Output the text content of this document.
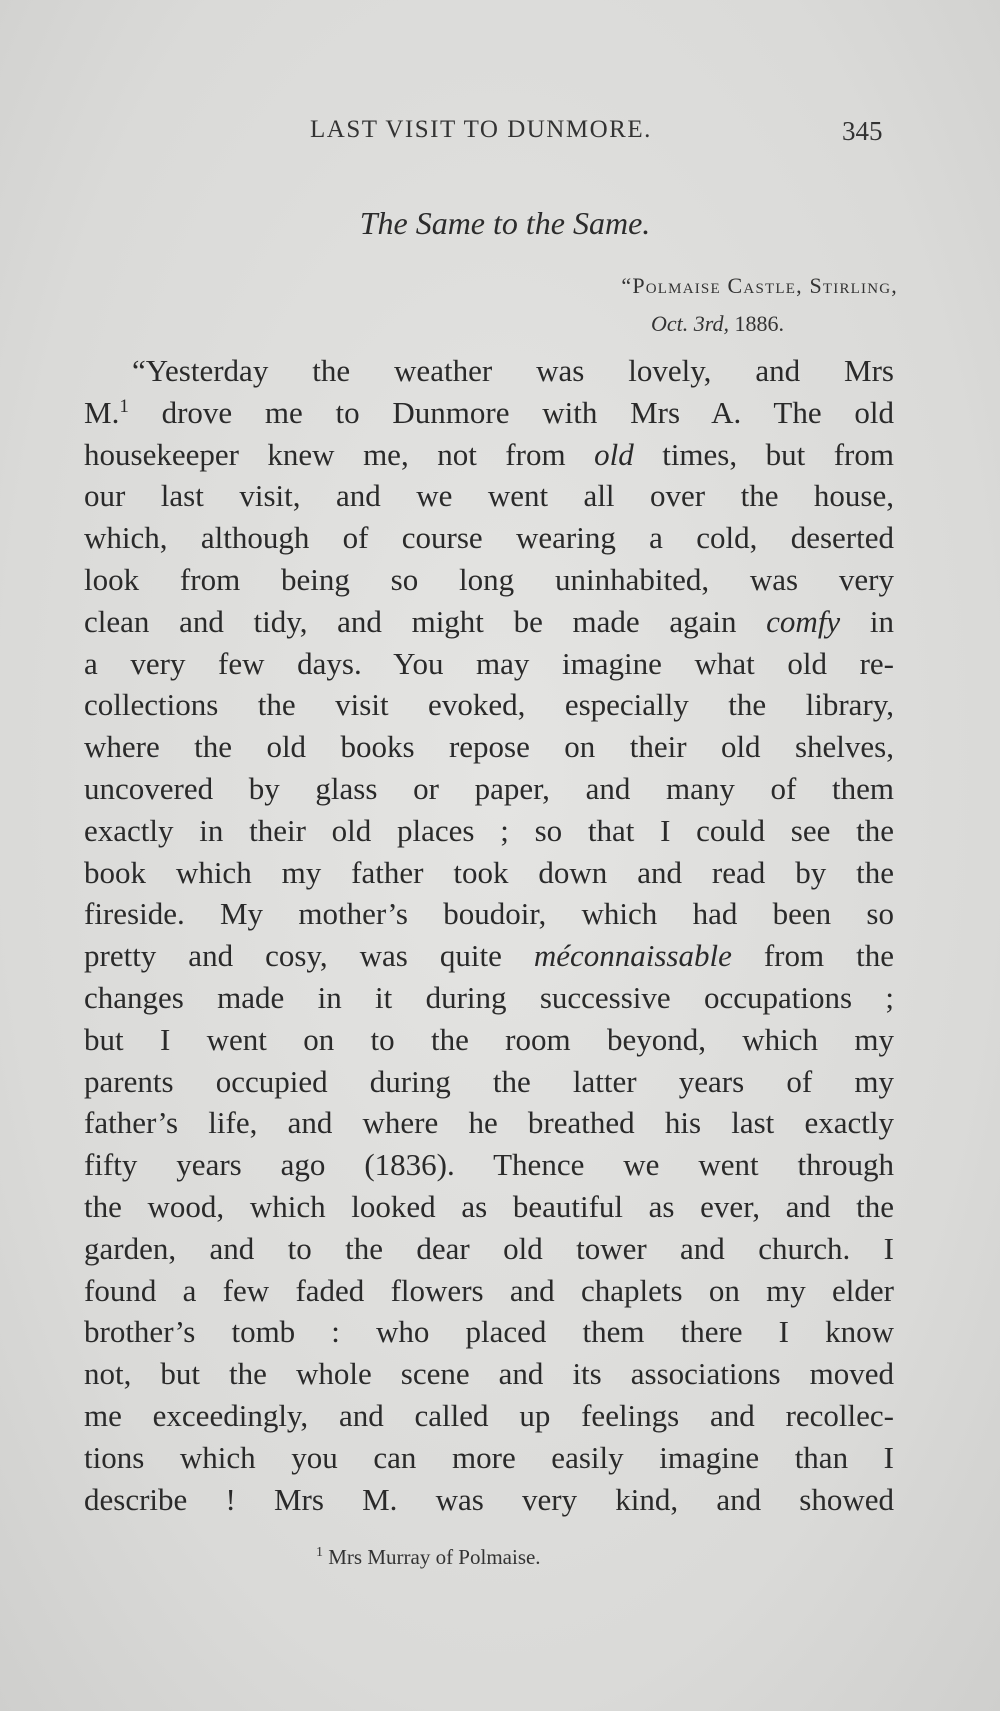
LAST VISIT TO DUNMORE.	345
The Same to the Same.
“Polmaise Castle, Stirling,
Oct. 3rd, 1886.
“Yesterday the weather was lovely, and Mrs
M.$^1$ drove me to Dunmore with Mrs A. The old
housekeeper knew me, not from old times, but from
our last visit, and we went all over the house,
which, although of course wearing a cold, deserted
look from being so long uninhabited, was very
clean and tidy, and might be made again comfy in
a very few days. You may imagine what old re-
collections the visit evoked, especially the library,
where the old books repose on their old shelves,
uncovered by glass or paper, and many of them
exactly in their old places ; so that I could see the
book which my father took down and read by the
fireside. My mother’s boudoir, which had been so
pretty and cosy, was quite méconnaissable from the
changes made in it during successive occupations ;
but I went on to the room beyond, which my
parents occupied during the latter years of my
father’s life, and where he breathed his last exactly
fifty years ago (1836). Thence we went through
the wood, which looked as beautiful as ever, and the
garden, and to the dear old tower and church. I
found a few faded flowers and chaplets on my elder
brother’s tomb : who placed them there I know
not, but the whole scene and its associations moved
me exceedingly, and called up feelings and recollec-
tions which you can more easily imagine than I
describe ! Mrs M. was very kind, and showed
$^1$ Mrs Murray of Polmaise.
